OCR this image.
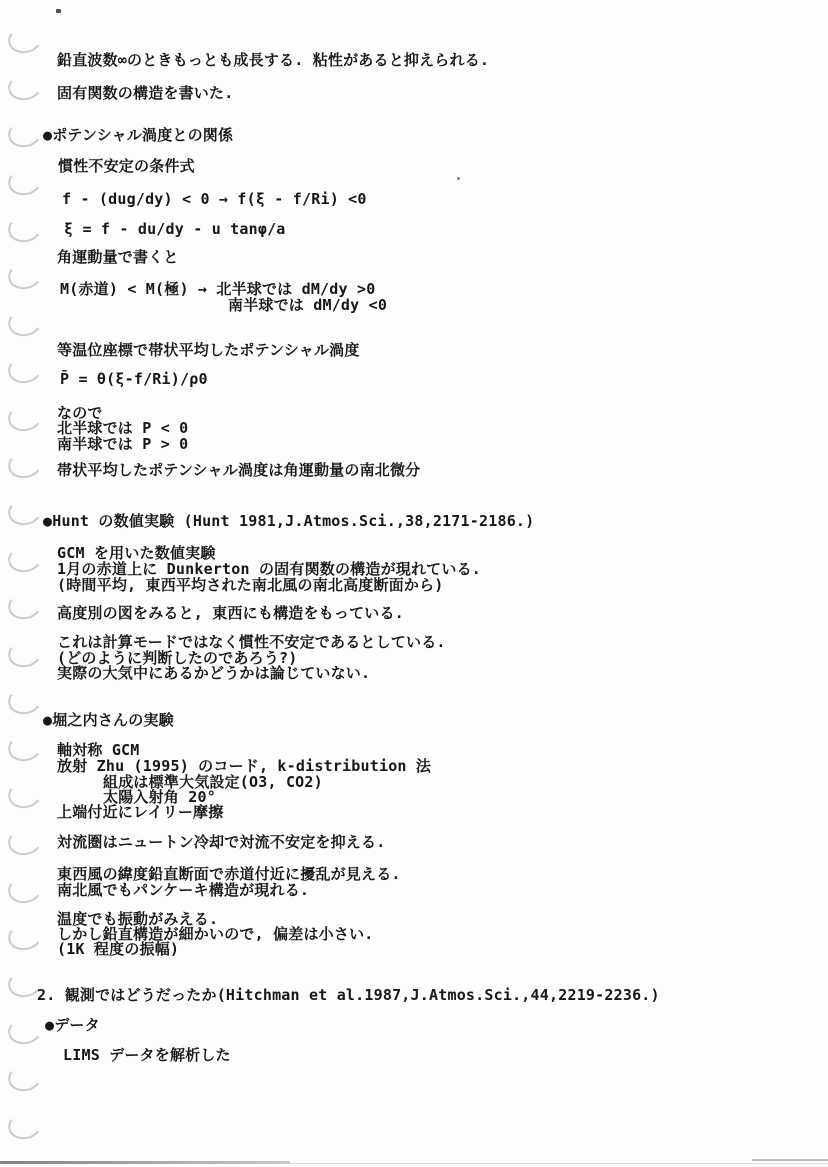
鉛直波数∞のときもっとも成長する. 粘性があると抑えられる.
固有関数の構造を書いた.
●ポテンシャル渦度との関係
慣性不安定の条件式
f - (dug/dy) < 0 → f(ξ - f/Ri) <0
ξ = f - du/dy - u tanφ/a
角運動量で書くと
M(赤道) < M(極) → 北半球では dM/dy >0
南半球では dM/dy <0
等温位座標で帯状平均したポテンシャル渦度
P̄ = θ(ξ-f/Ri)/ρ0
なので
北半球では P < 0
南半球では P > 0
帯状平均したポテンシャル渦度は角運動量の南北微分
●Hunt の数値実験 (Hunt 1981,J.Atmos.Sci.,38,2171-2186.)
GCM を用いた数値実験
1月の赤道上に Dunkerton の固有関数の構造が現れている.
(時間平均, 東西平均された南北風の南北高度断面から)
高度別の図をみると, 東西にも構造をもっている.
これは計算モードではなく慣性不安定であるとしている.
(どのように判断したのであろう?)
実際の大気中にあるかどうかは論じていない.
●堀之内さんの実験
軸対称 GCM
放射 Zhu (1995) のコード, k-distribution 法
組成は標準大気設定(O3, CO2)
太陽入射角 20°
上端付近にレイリー摩擦
対流圏はニュートン冷却で対流不安定を抑える.
東西風の緯度鉛直断面で赤道付近に擾乱が見える.
南北風でもパンケーキ構造が現れる.
温度でも振動がみえる.
しかし鉛直構造が細かいので, 偏差は小さい.
(1K 程度の振幅)
2. 観測ではどうだったか(Hitchman et al.1987,J.Atmos.Sci.,44,2219-2236.)
●データ
LIMS データを解析した
